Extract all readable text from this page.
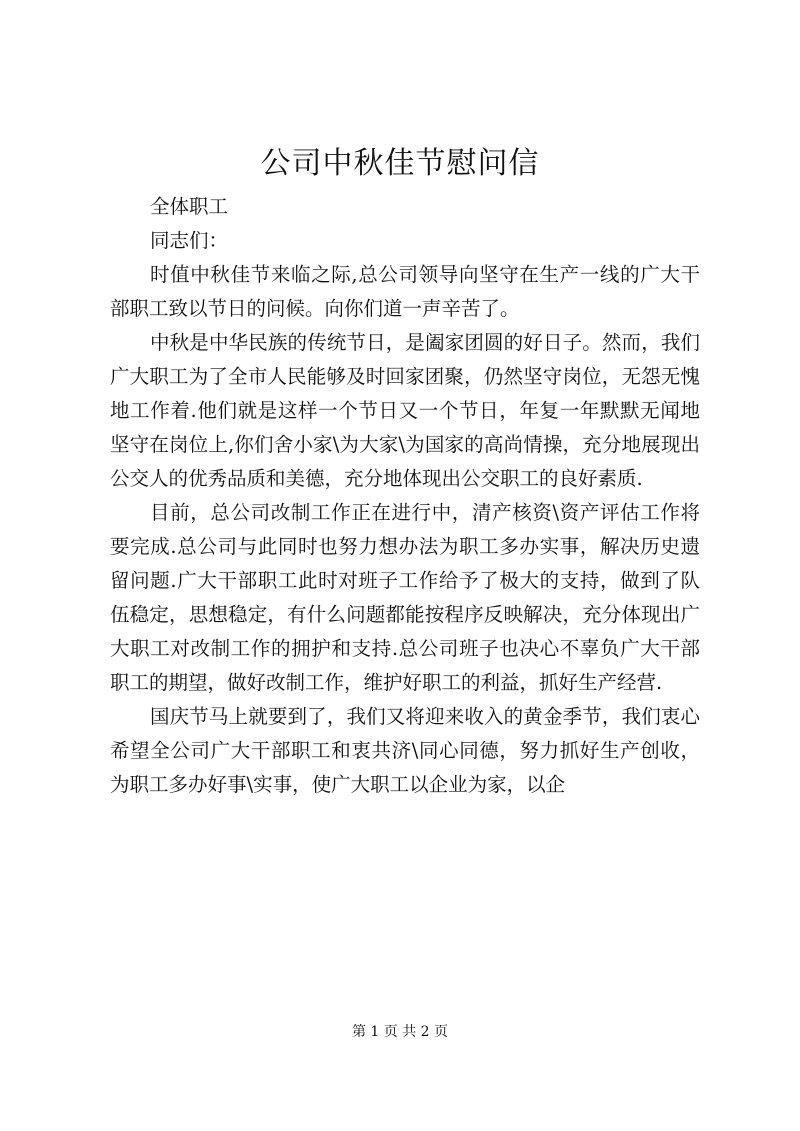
公司中秋佳节慰问信

全体职工

同志们：

时值中秋佳节来临之际,总公司领导向坚守在生产一线的广大干部职工致以节日的问候。向你们道一声辛苦了。

中秋是中华民族的传统节日，是阖家团圆的好日子。然而，我们广大职工为了全市人民能够及时回家团聚，仍然坚守岗位，无怨无愧地工作着.他们就是这样一个节日又一个节日，年复一年默默无闻地坚守在岗位上,你们舍小家\为大家\为国家的高尚情操，充分地展现出公交人的优秀品质和美德，充分地体现出公交职工的良好素质.

目前，总公司改制工作正在进行中，清产核资\资产评估工作将要完成.总公司与此同时也努力想办法为职工多办实事，解决历史遗留问题.广大干部职工此时对班子工作给予了极大的支持，做到了队伍稳定，思想稳定，有什么问题都能按程序反映解决，充分体现出广大职工对改制工作的拥护和支持.总公司班子也决心不辜负广大干部职工的期望，做好改制工作，维护好职工的利益，抓好生产经营.

国庆节马上就要到了，我们又将迎来收入的黄金季节，我们衷心希望全公司广大干部职工和衷共济\同心同德，努力抓好生产创收，为职工多办好事\实事，使广大职工以企业为家，以企

第 1 页 共 2 页
